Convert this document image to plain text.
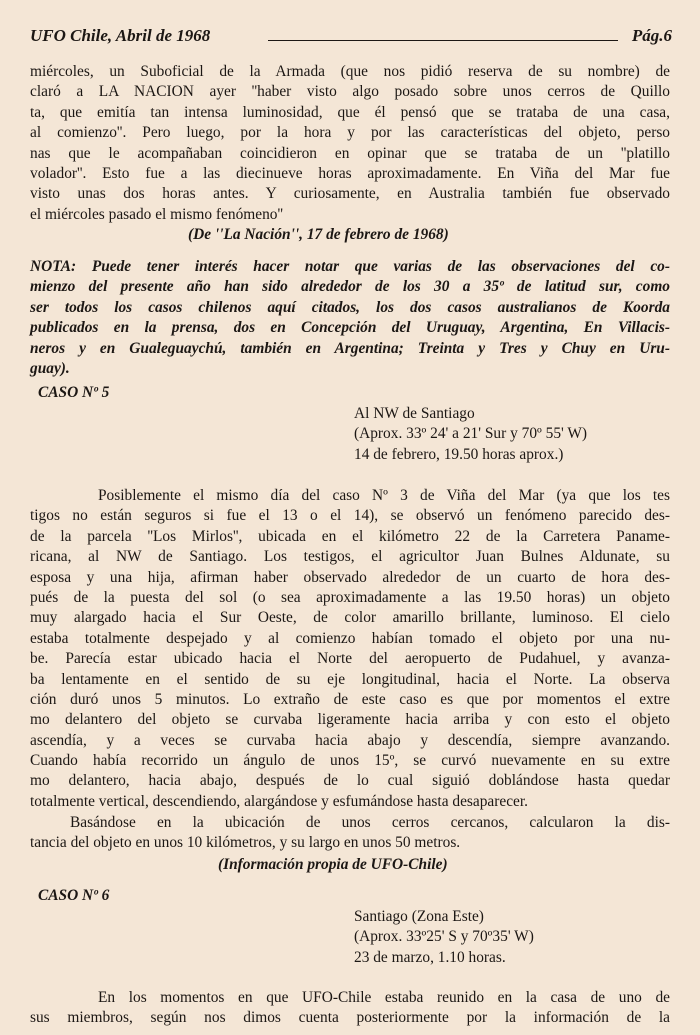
UFO Chile, Abril de 1968	Pág.6
miércoles, un Suboficial de la Armada (que nos pidió reserva de su nombre) de
claró a LA NACION ayer ''haber visto algo posado sobre unos cerros de Quillo
ta, que emitía tan intensa luminosidad, que él pensó que se trataba de una casa,
al comienzo''. Pero luego, por la hora y por las características del objeto, perso
nas que le acompañaban coincidieron en opinar que se trataba de un ''platillo
volador''. Esto fue a las diecinueve horas aproximadamente. En Viña del Mar fue
visto unas dos horas antes. Y curiosamente, en Australia también fue observado
el miércoles pasado el mismo fenómeno''
(De ''La Nación'', 17 de febrero de 1968)
NOTA: Puede tener interés hacer notar que varias de las observaciones del co-
mienzo del presente año han sido alrededor de los 30 a 35º de latitud sur, como
ser todos los casos chilenos aquí citados, los dos casos australianos de Koorda
publicados en la prensa, dos en Concepción del Uruguay, Argentina, En Villacis-
neros y en Gualeguaychú, también en Argentina; Treinta y Tres y Chuy en Uru-
guay).
CASO Nº 5
Al NW de Santiago
(Aprox. 33º 24' a 21' Sur y 70º 55' W)
14 de febrero, 19.50 horas aprox.)
Posiblemente el mismo día del caso Nº 3 de Viña del Mar (ya que los tes
tigos no están seguros si fue el 13 o el 14), se observó un fenómeno parecido des-
de la parcela ''Los Mirlos'', ubicada en el kilómetro 22 de la Carretera Paname-
ricana, al NW de Santiago. Los testigos, el agricultor Juan Bulnes Aldunate, su
esposa y una hija, afirman haber observado alrededor de un cuarto de hora des-
pués de la puesta del sol (o sea aproximadamente a las 19.50 horas) un objeto
muy alargado hacia el Sur Oeste, de color amarillo brillante, luminoso. El cielo
estaba totalmente despejado y al comienzo habían tomado el objeto por una nu-
be. Parecía estar ubicado hacia el Norte del aeropuerto de Pudahuel, y avanza-
ba lentamente en el sentido de su eje longitudinal, hacia el Norte. La observa
ción duró unos 5 minutos. Lo extraño de este caso es que por momentos el extre
mo delantero del objeto se curvaba ligeramente hacia arriba y con esto el objeto
ascendía, y a veces se curvaba hacia abajo y descendía, siempre avanzando.
Cuando había recorrido un ángulo de unos 15º, se curvó nuevamente en su extre
mo delantero, hacia abajo, después de lo cual siguió doblándose hasta quedar
totalmente vertical, descendiendo, alargándose y esfumándose hasta desaparecer.
Basándose en la ubicación de unos cerros cercanos, calcularon la dis-
tancia del objeto en unos 10 kilómetros, y su largo en unos 50 metros.
(Información propia de UFO-Chile)
CASO Nº 6
Santiago (Zona Este)
(Aprox. 33º25' S y 70º35' W)
23 de marzo, 1.10 horas.
En los momentos en que UFO-Chile estaba reunido en la casa de uno de
sus miembros, según nos dimos cuenta posteriormente por la información de la
